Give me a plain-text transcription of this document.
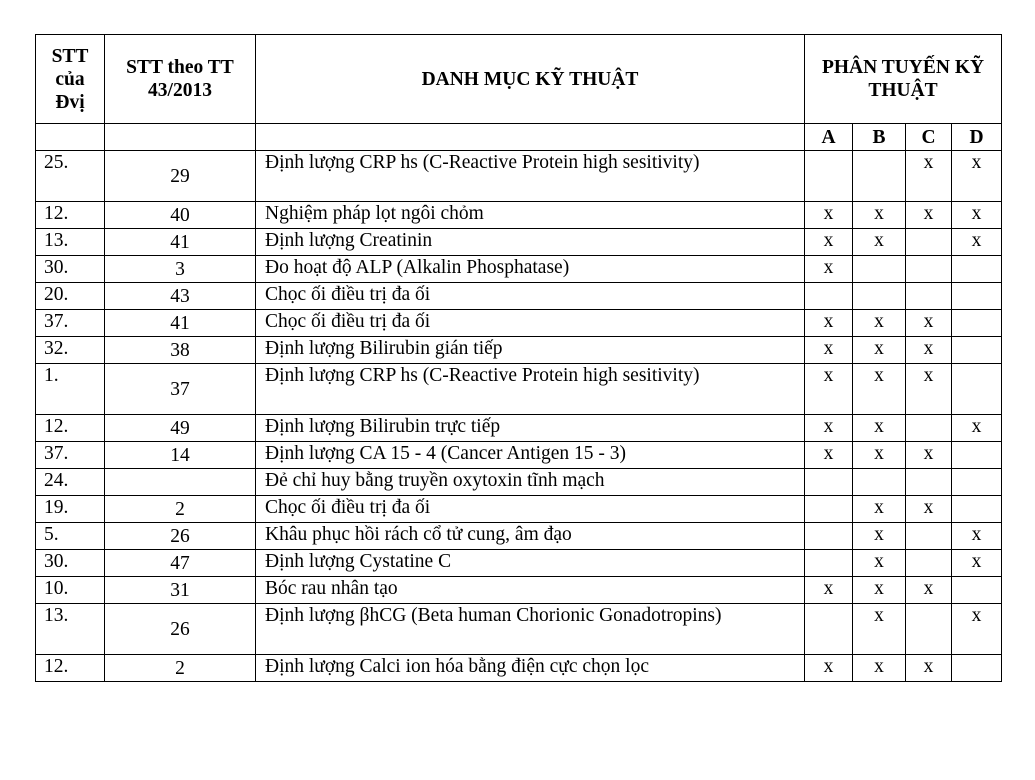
STT của Đvị	STT theo TT 43/2013	DANH MỤC KỸ THUẬT	PHÂN TUYẾN KỸ THUẬT			
			A	B	C	D
25.	29	Định lượng CRP hs (C-Reactive Protein high sesitivity)			x	x
12.	40	Nghiệm pháp lọt ngôi chỏm	x	x	x	x
13.	41	Định lượng Creatinin	x	x		x
30.	3	Đo hoạt độ ALP (Alkalin Phosphatase)	x			
20.	43	Chọc ối điều trị đa ối				
37.	41	Chọc ối điều trị đa ối	x	x	x	
32.	38	Định lượng Bilirubin gián tiếp	x	x	x	
1.	37	Định lượng CRP hs (C-Reactive Protein high sesitivity)	x	x	x	
12.	49	Định lượng Bilirubin trực tiếp	x	x		x
37.	14	Định lượng CA 15 - 4 (Cancer Antigen 15 - 3)	x	x	x	
24.		Đẻ chỉ huy bằng truyền oxytoxin tĩnh mạch				
19.	2	Chọc ối điều trị đa ối		x	x	
5.	26	Khâu phục hồi rách cổ tử cung, âm đạo		x		x
30.	47	Định lượng Cystatine C		x		x
10.	31	Bóc rau nhân tạo	x	x	x	
13.	26	Định lượng βhCG (Beta human Chorionic Gonadotropins)		x		x
12.	2	Định lượng Calci ion hóa bằng điện cực chọn lọc	x	x	x	
